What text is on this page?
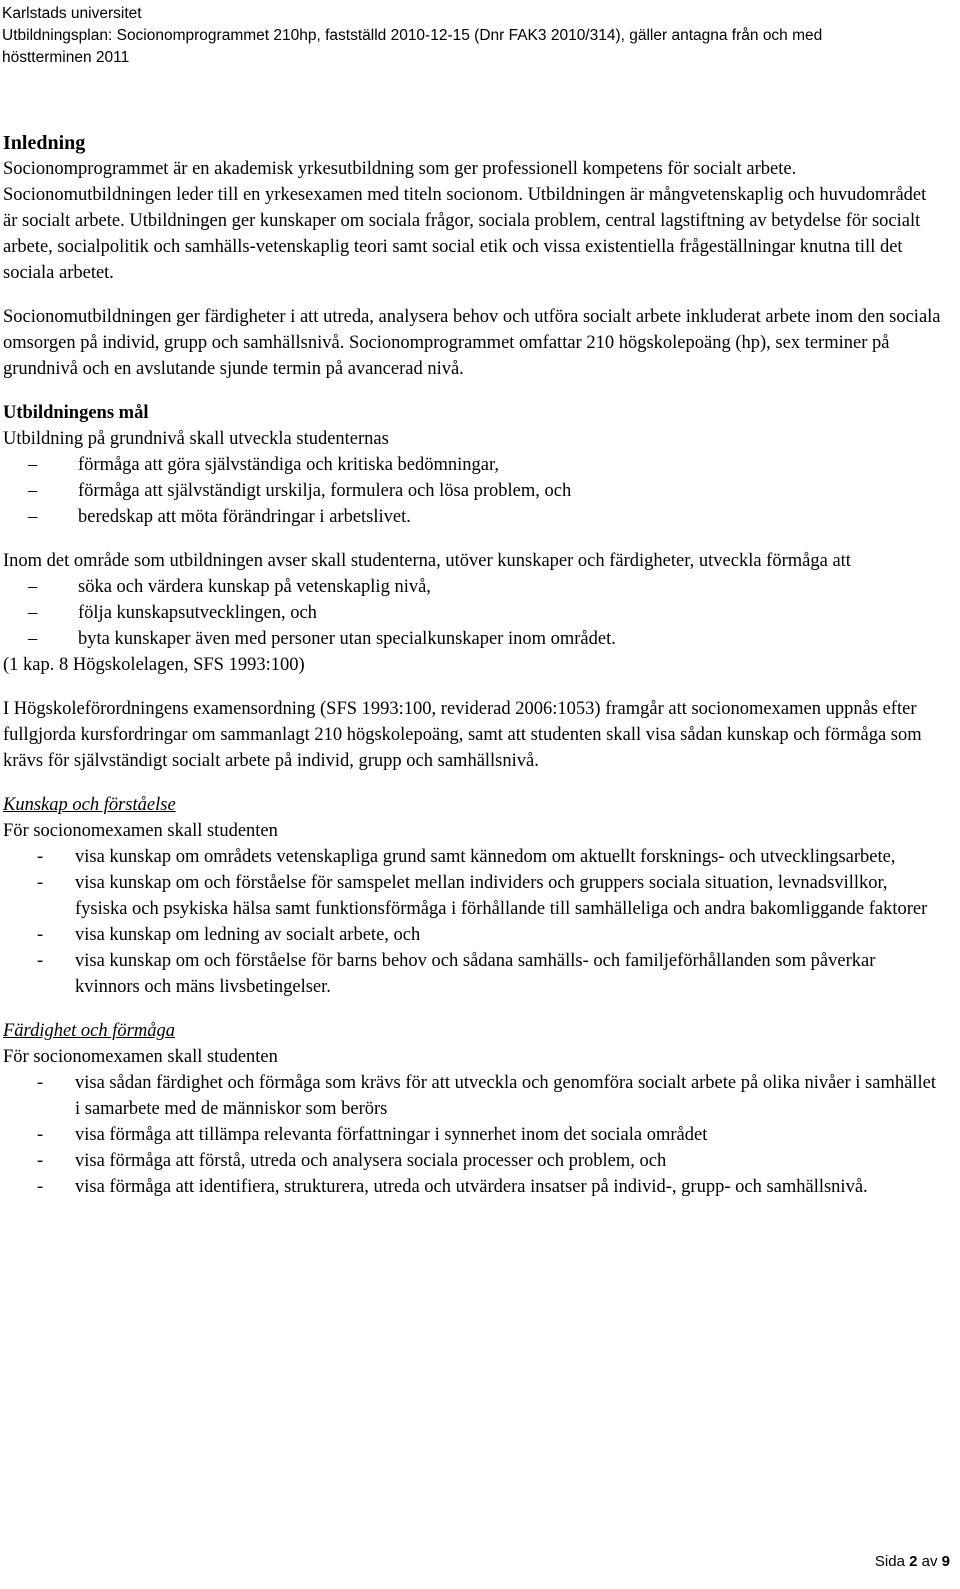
Karlstads universitet
Utbildningsplan: Socionomprogrammet 210hp, fastställd 2010-12-15 (Dnr FAK3 2010/314), gäller antagna från och med
höstterminen 2011

Inledning

Socionomprogrammet är en akademisk yrkesutbildning som ger professionell kompetens för socialt arbete. Socionomutbildningen leder till en yrkesexamen med titeln socionom. Utbildningen är mångvetenskaplig och huvudområdet är socialt arbete. Utbildningen ger kunskaper om sociala frågor, sociala problem, central lagstiftning av betydelse för socialt arbete, socialpolitik och samhälls-vetenskaplig teori samt social etik och vissa existentiella frågeställningar knutna till det sociala arbetet.

Socionomutbildningen ger färdigheter i att utreda, analysera behov och utföra socialt arbete inkluderat arbete inom den sociala omsorgen på individ, grupp och samhällsnivå. Socionomprogrammet omfattar 210 högskolepoäng (hp), sex terminer på grundnivå och en avslutande sjunde termin på avancerad nivå.

Utbildningens mål

Utbildning på grundnivå skall utveckla studenternas

– förmåga att göra självständiga och kritiska bedömningar,
– förmåga att självständigt urskilja, formulera och lösa problem, och
– beredskap att möta förändringar i arbetslivet.

Inom det område som utbildningen avser skall studenterna, utöver kunskaper och färdigheter, utveckla förmåga att

– söka och värdera kunskap på vetenskaplig nivå,
– följa kunskapsutvecklingen, och
– byta kunskaper även med personer utan specialkunskaper inom området.

(1 kap. 8 Högskolelagen, SFS 1993:100)

I Högskoleförordningens examensordning (SFS 1993:100, reviderad 2006:1053) framgår att socionomexamen uppnås efter fullgjorda kursfordringar om sammanlagt 210 högskolepoäng, samt att studenten skall visa sådan kunskap och förmåga som krävs för självständigt socialt arbete på individ, grupp och samhällsnivå.

Kunskap och förståelse

För socionomexamen skall studenten

- visa kunskap om områdets vetenskapliga grund samt kännedom om aktuellt forsknings- och utvecklingsarbete,
- visa kunskap om och förståelse för samspelet mellan individers och gruppers sociala situation, levnadsvillkor, fysiska och psykiska hälsa samt funktionsförmåga i förhållande till samhälleliga och andra bakomliggande faktorer
- visa kunskap om ledning av socialt arbete, och
- visa kunskap om och förståelse för barns behov och sådana samhälls- och familjeförhållanden som påverkar kvinnors och mäns livsbetingelser.

Färdighet och förmåga

För socionomexamen skall studenten

- visa sådan färdighet och förmåga som krävs för att utveckla och genomföra socialt arbete på olika nivåer i samhället i samarbete med de människor som berörs
- visa förmåga att tillämpa relevanta författningar i synnerhet inom det sociala området
- visa förmåga att förstå, utreda och analysera sociala processer och problem, och
- visa förmåga att identifiera, strukturera, utreda och utvärdera insatser på individ-, grupp- och samhällsnivå.
Sida 2 av 9
